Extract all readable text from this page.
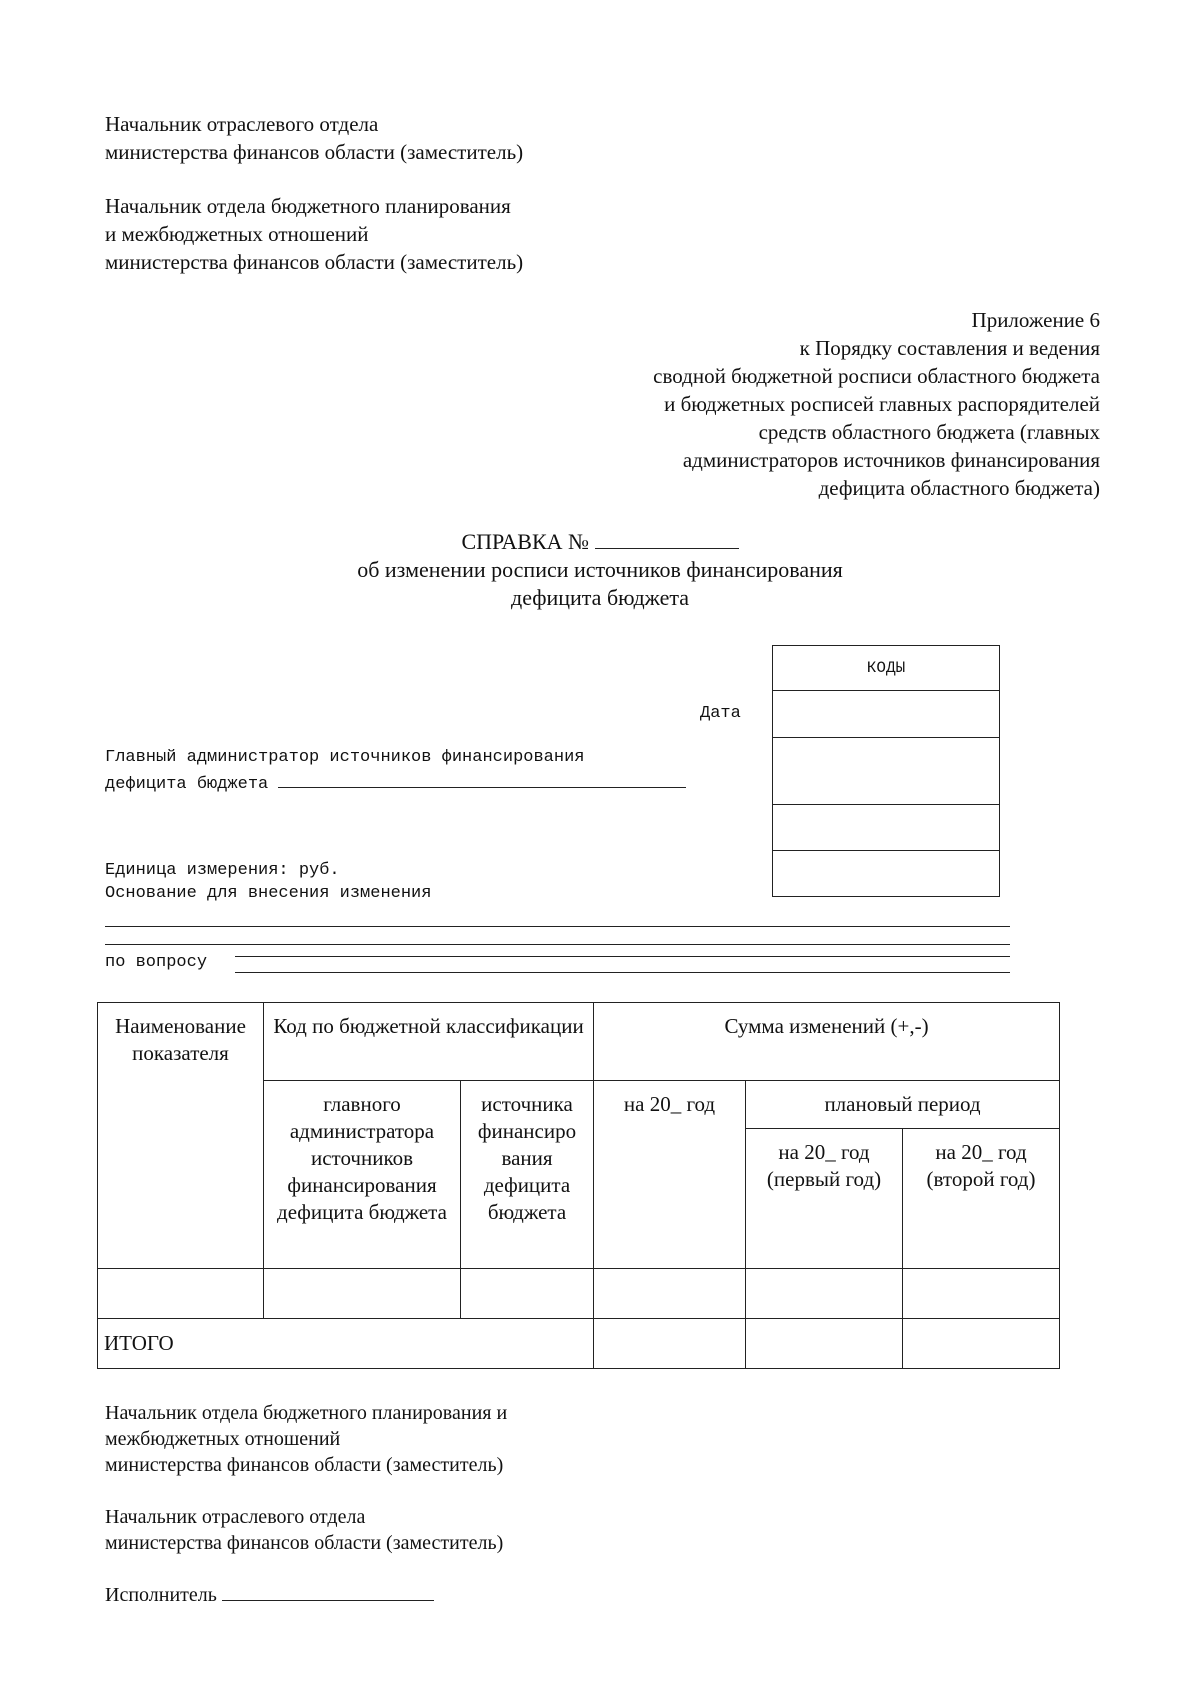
Начальник отраслевого отдела
министерства финансов области (заместитель)
Начальник отдела бюджетного планирования
и межбюджетных отношений
министерства финансов области (заместитель)
Приложение 6
к Порядку составления и ведения
сводной бюджетной росписи областного бюджета
и бюджетных росписей главных распорядителей
средств областного бюджета (главных
администраторов источников финансирования
дефицита областного бюджета)
СПРАВКА №
об изменении росписи источников финансирования
дефицита бюджета
КОДЫ

Дата
Главный администратор источников финансирования
дефицита бюджета
Единица измерения: руб.
Основание для внесения изменения
по вопросу
Наименование показателя	Код по бюджетной классификации		Сумма изменений (+,-)		
	главного администратора источников финансирования дефицита бюджета	источника финансиро вания дефицита бюджета	на 20_ год	плановый период	
				на 20_ год (первый год)	на 20_ год (второй год)

ИТОГО					
Начальник отдела бюджетного планирования и
межбюджетных отношений
министерства финансов области (заместитель)
Начальник отраслевого отдела
министерства финансов области (заместитель)
Исполнитель
